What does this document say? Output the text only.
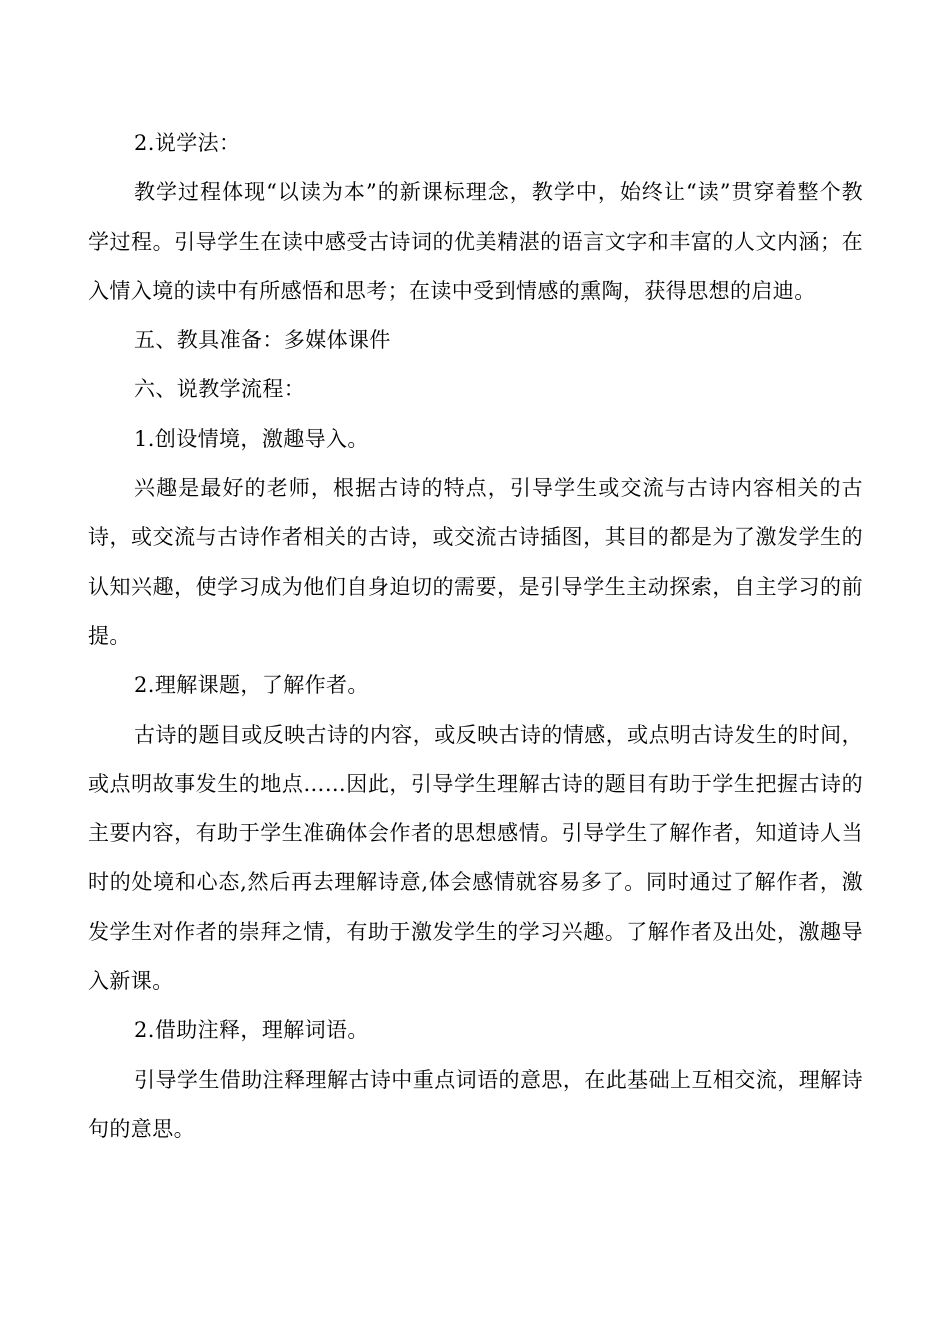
2.说学法：

教学过程体现“以读为本”的新课标理念，教学中，始终让“读”贯穿着整个教学过程。引导学生在读中感受古诗词的优美精湛的语言文字和丰富的人文内涵；在入情入境的读中有所感悟和思考；在读中受到情感的熏陶，获得思想的启迪。

五、教具准备：多媒体课件

六、说教学流程：

1.创设情境，激趣导入。

兴趣是最好的老师，根据古诗的特点，引导学生或交流与古诗内容相关的古诗，或交流与古诗作者相关的古诗，或交流古诗插图，其目的都是为了激发学生的认知兴趣，使学习成为他们自身迫切的需要，是引导学生主动探索，自主学习的前提。

2.理解课题，了解作者。

古诗的题目或反映古诗的内容，或反映古诗的情感，或点明古诗发生的时间，或点明故事发生的地点……因此，引导学生理解古诗的题目有助于学生把握古诗的主要内容，有助于学生准确体会作者的思想感情。引导学生了解作者，知道诗人当时的处境和心态,然后再去理解诗意,体会感情就容易多了。同时通过了解作者，激发学生对作者的崇拜之情，有助于激发学生的学习兴趣。了解作者及出处，激趣导入新课。

2.借助注释，理解词语。

引导学生借助注释理解古诗中重点词语的意思，在此基础上互相交流，理解诗句的意思。
